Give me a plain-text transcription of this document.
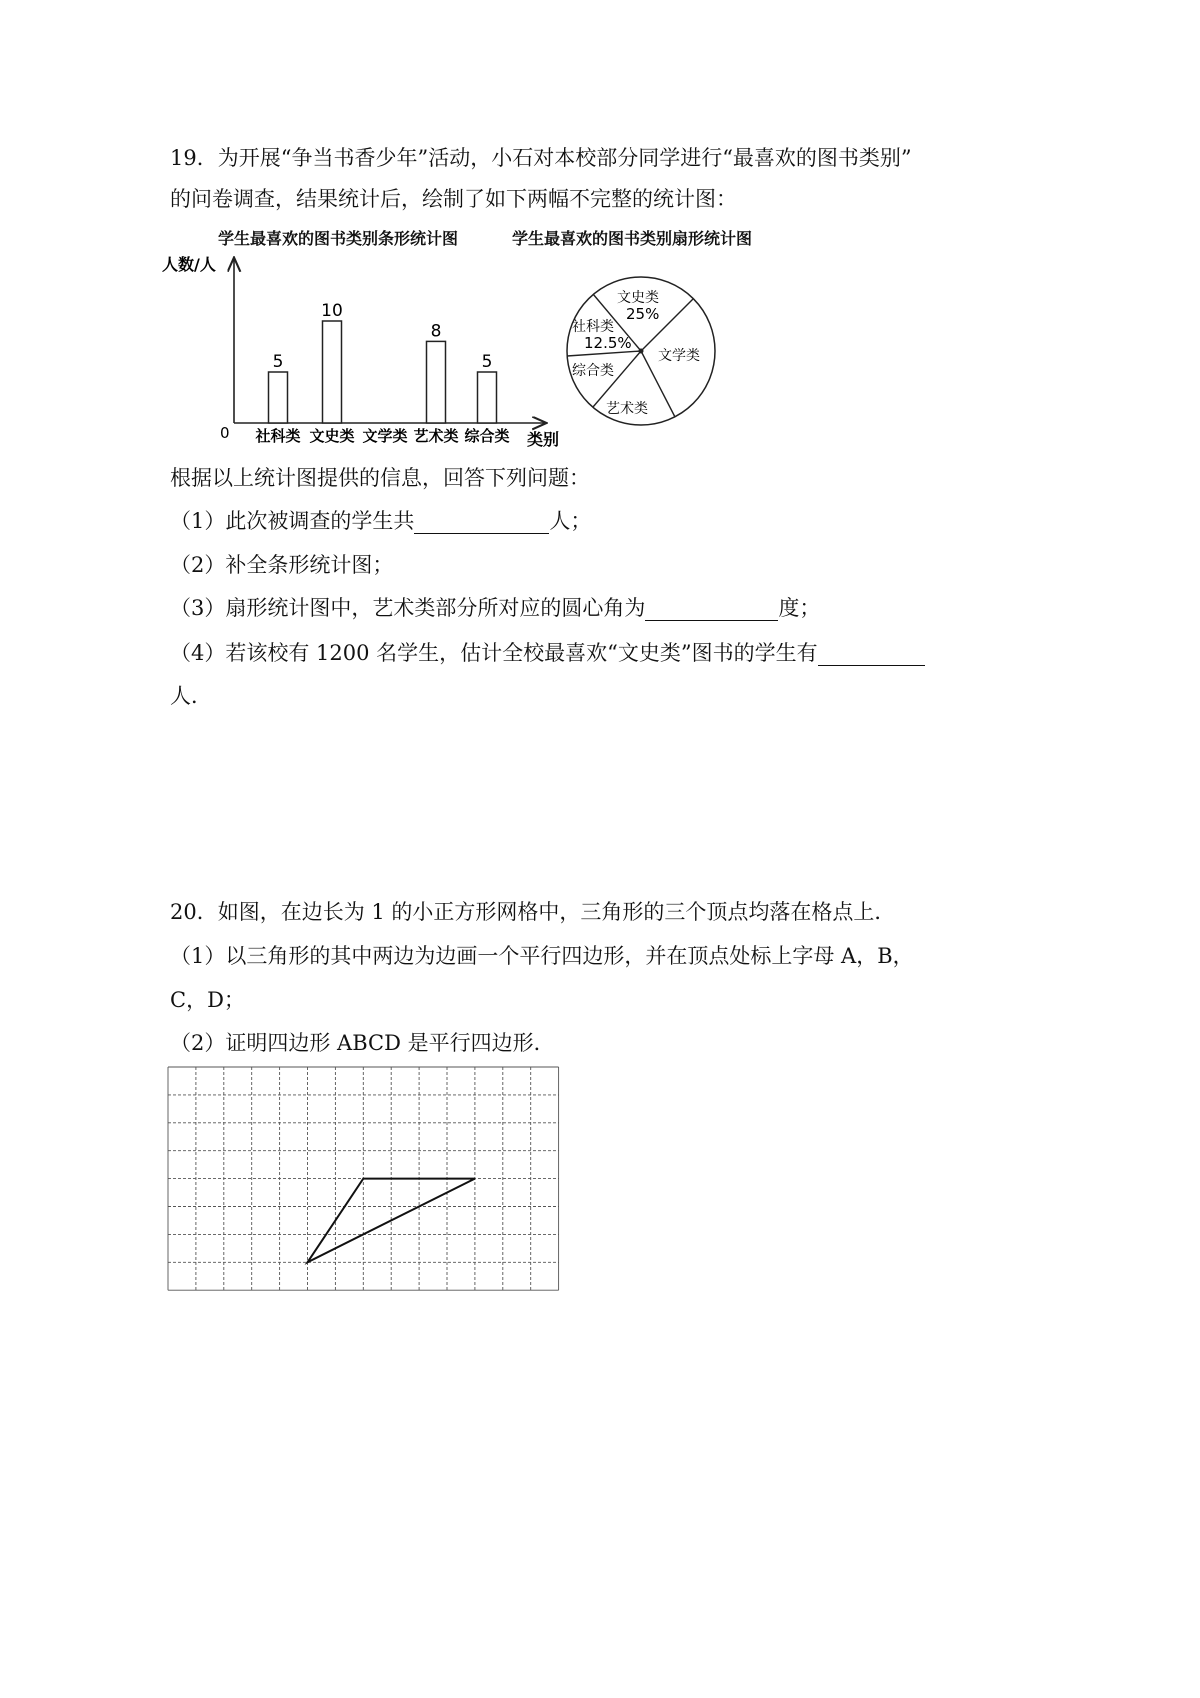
19．为开展“争当书香少年”活动，小石对本校部分同学进行“最喜欢的图书类别”
的问卷调查，结果统计后，绘制了如下两幅不完整的统计图：
学生最喜欢的图书类别条形统计图	学生最喜欢的图书类别扇形统计图
人数/人
0	类别
5
社科类
10
文史类 文学类
8
艺术类
5
综合类
文史类
25%
文学类
艺术类
综合类
社科类
12.5%
根据以上统计图提供的信息，回答下列问题：
（1）此次被调查的学生共	人；
（2）补全条形统计图；
（3）扇形统计图中，艺术类部分所对应的圆心角为	度；
（4）若该校有 1200 名学生，估计全校最喜欢“文史类”图书的学生有
人．
20．如图，在边长为 1 的小正方形网格中，三角形的三个顶点均落在格点上．
（1）以三角形的其中两边为边画一个平行四边形，并在顶点处标上字母 A，B，
C，D；
（2）证明四边形 ABCD 是平行四边形．
